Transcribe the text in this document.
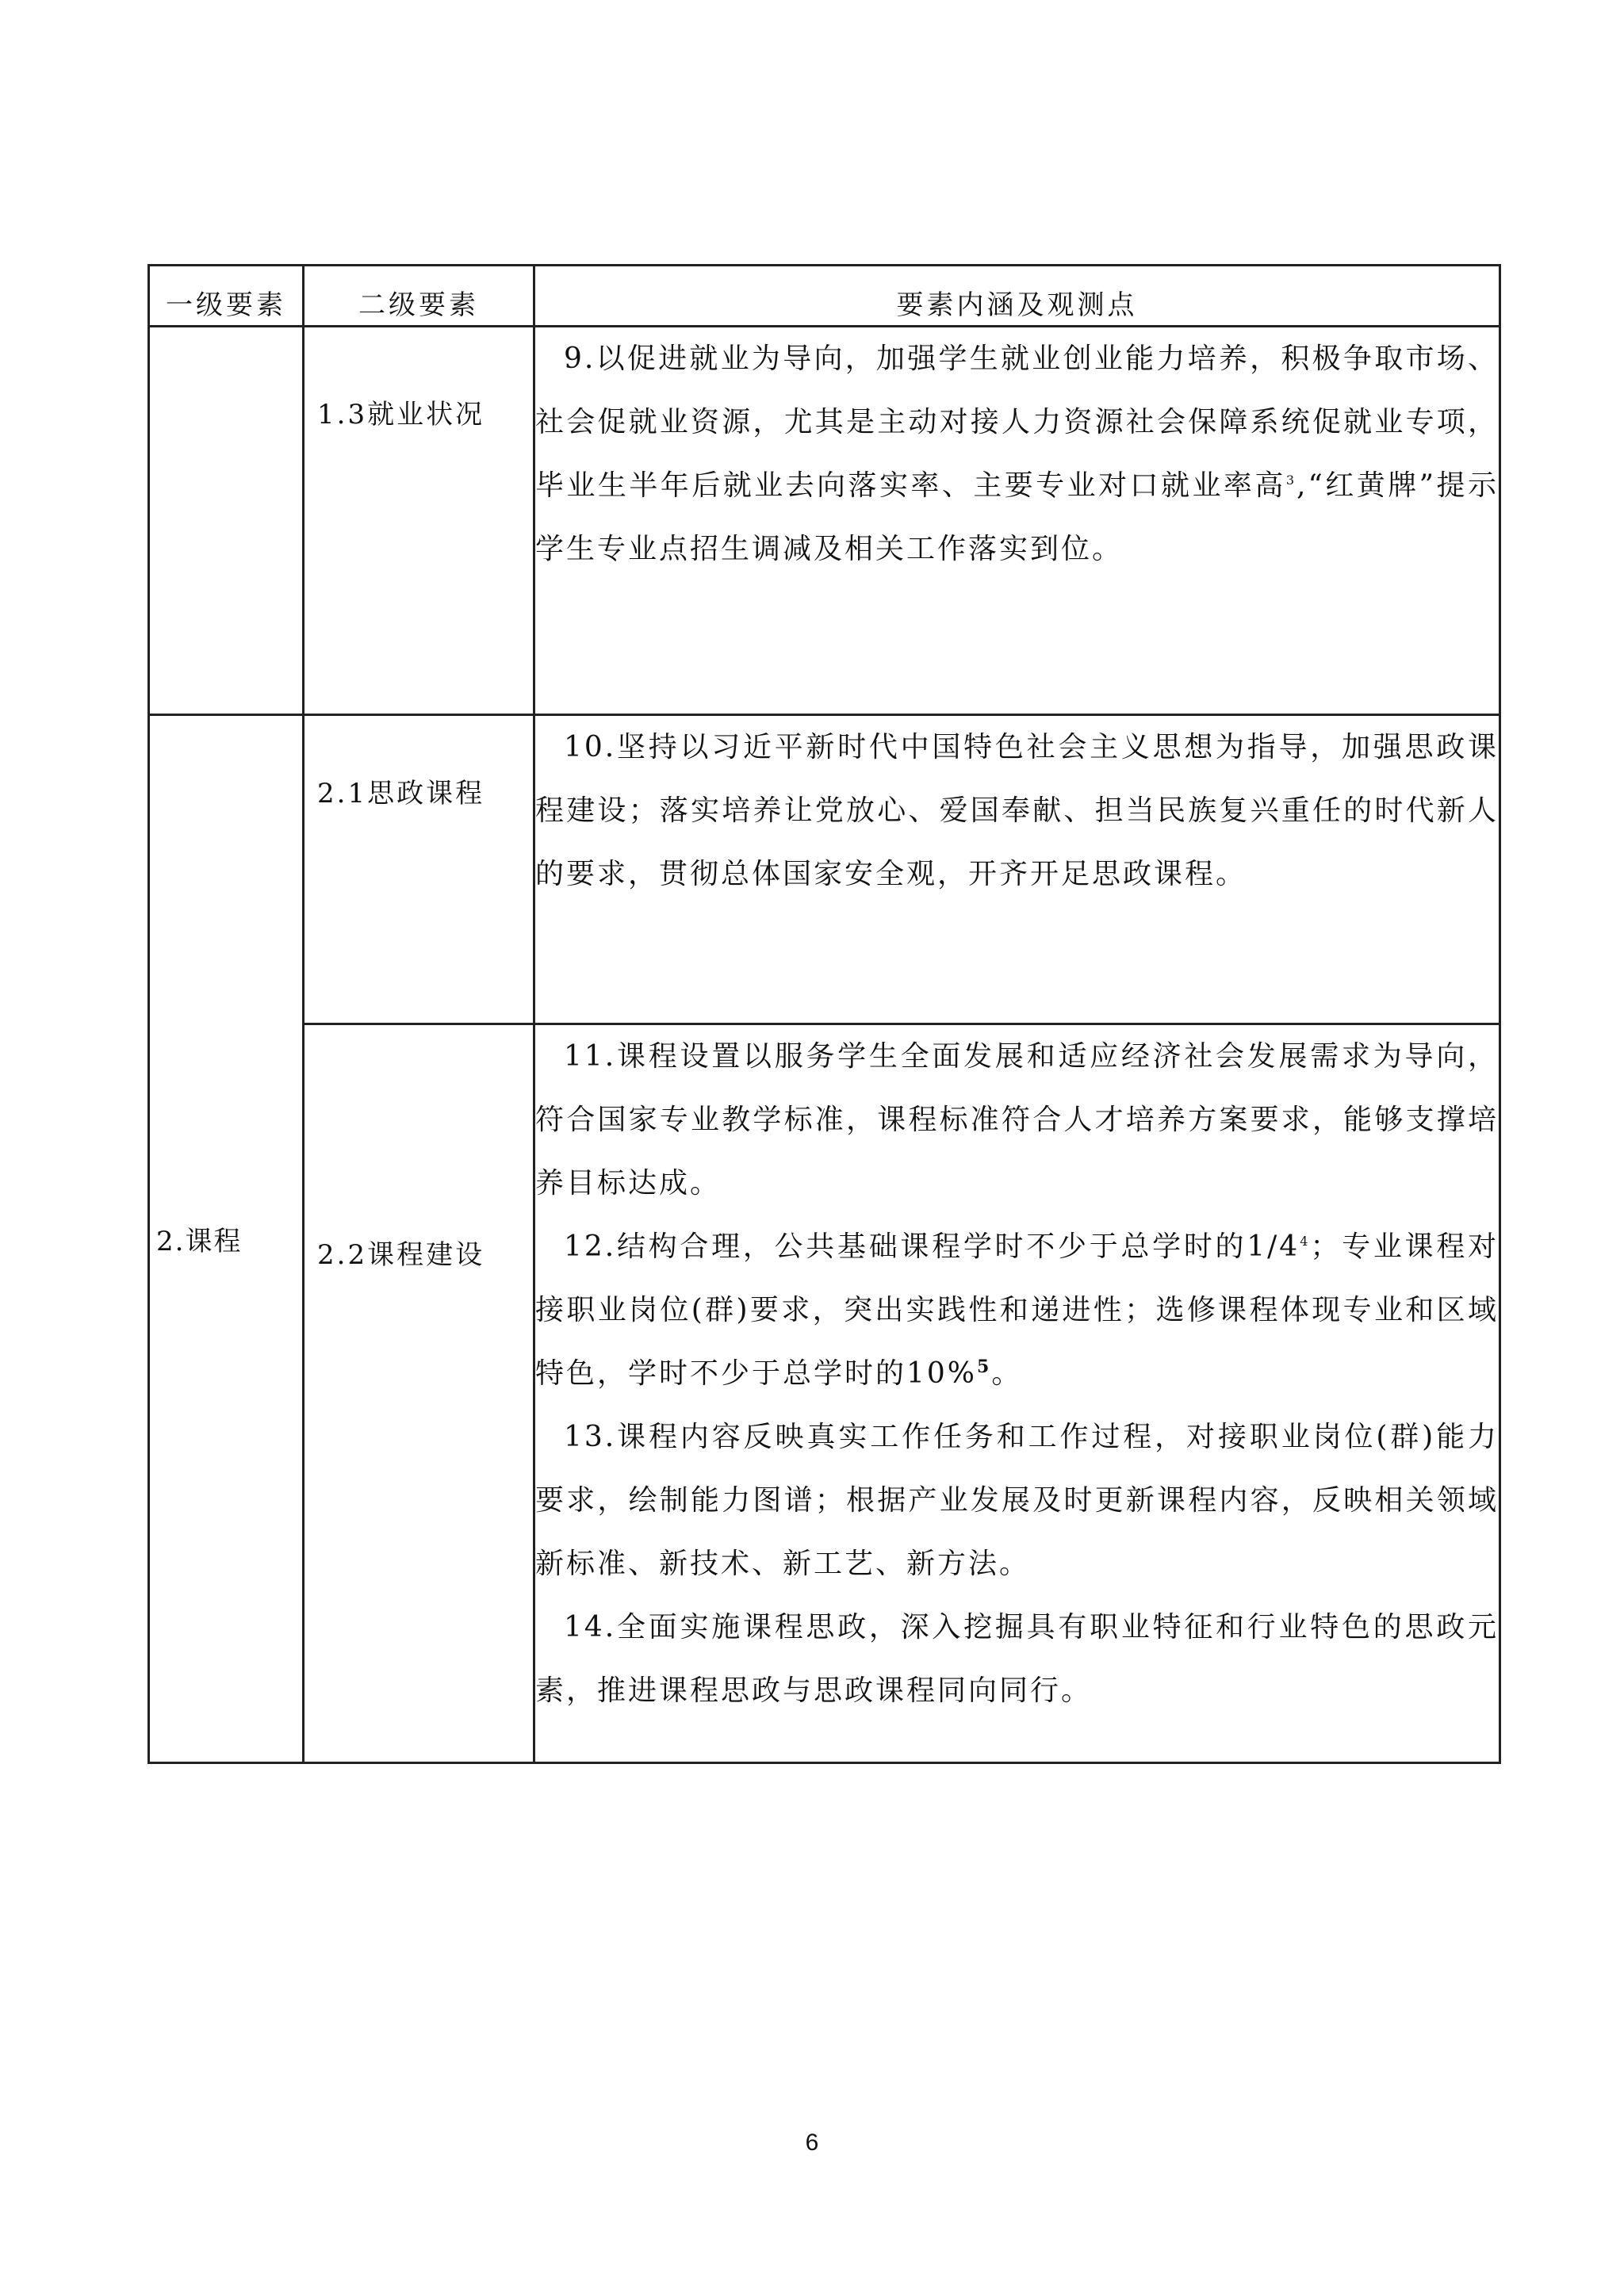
一级要素	二级要素	要素内涵及观测点

	1.3就业状况	9.以促进就业为导向，加强学生就业创业能力培养，积极争取市场、社会促就业资源，尤其是主动对接人力资源社会保障系统促就业专项，毕业生半年后就业去向落实率、主要专业对口就业率高$^3$,“红黄牌”提示学生专业点招生调减及相关工作落实到位。

2.课程	2.1思政课程	10.坚持以习近平新时代中国特色社会主义思想为指导，加强思政课程建设；落实培养让党放心、爱国奉献、担当民族复兴重任的时代新人的要求，贯彻总体国家安全观，开齐开足思政课程。

	2.2课程建设	11.课程设置以服务学生全面发展和适应经济社会发展需求为导向，符合国家专业教学标准，课程标准符合人才培养方案要求，能够支撑培养目标达成。

12.结构合理，公共基础课程学时不少于总学时的$1/4^4$；专业课程对接职业岗位(群)要求，突出实践性和递进性；选修课程体现专业和区域特色，学时不少于总学时的10%$^5$。

13.课程内容反映真实工作任务和工作过程，对接职业岗位(群)能力要求，绘制能力图谱；根据产业发展及时更新课程内容，反映相关领域新标准、新技术、新工艺、新方法。

14.全面实施课程思政，深入挖掘具有职业特征和行业特色的思政元素，推进课程思政与思政课程同向同行。

6
